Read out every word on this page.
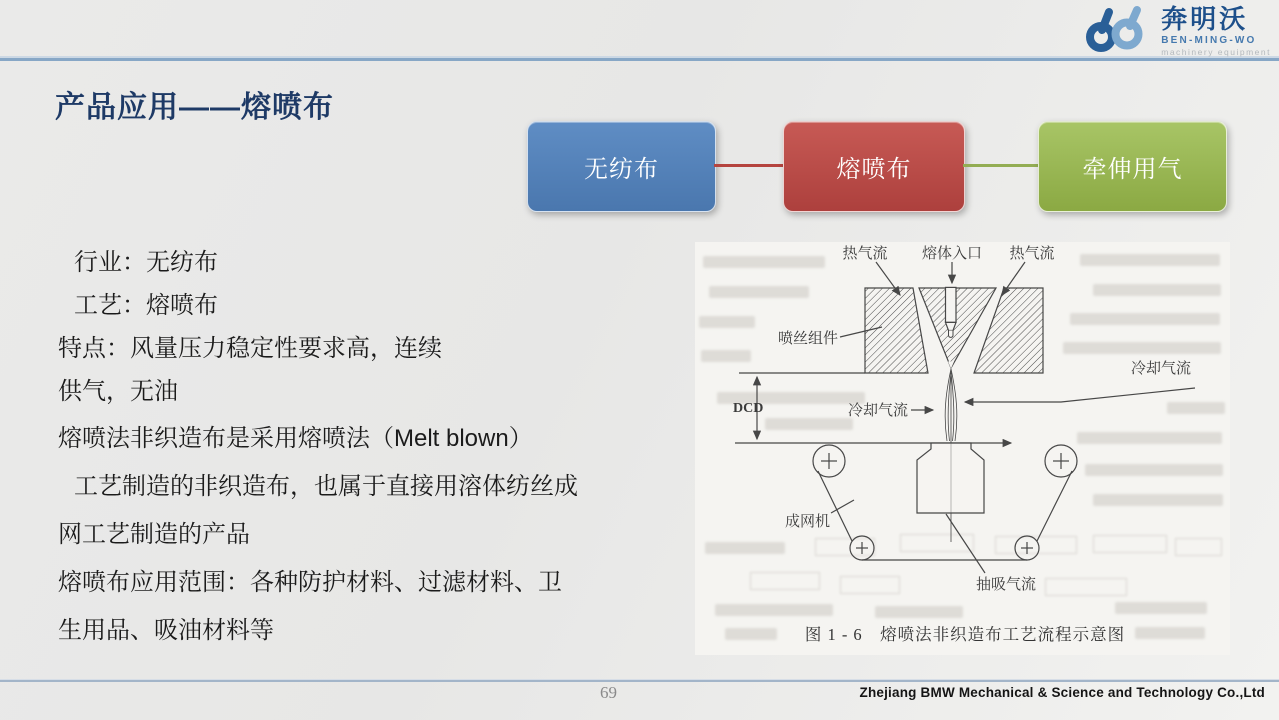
奔明沃
BEN-MING-WO
machinery equipment
产品应用——熔喷布
无纺布	熔喷布	牵伸用气
行业：无纺布
工艺：熔喷布
特点：风量压力稳定性要求高，连续
供气，无油
熔喷法非织造布是采用熔喷法（Melt blown）
工艺制造的非织造布，也属于直接用溶体纺丝成
网工艺制造的产品
熔喷布应用范围：各种防护材料、过滤材料、卫
生用品、吸油材料等
热气流 熔体入口 热气流
喷丝组件
冷却气流
DCD	冷却气流
成网机
抽吸气流
图 1 - 6　熔喷法非织造布工艺流程示意图
69	Zhejiang BMW Mechanical & Science and Technology Co.,Ltd
